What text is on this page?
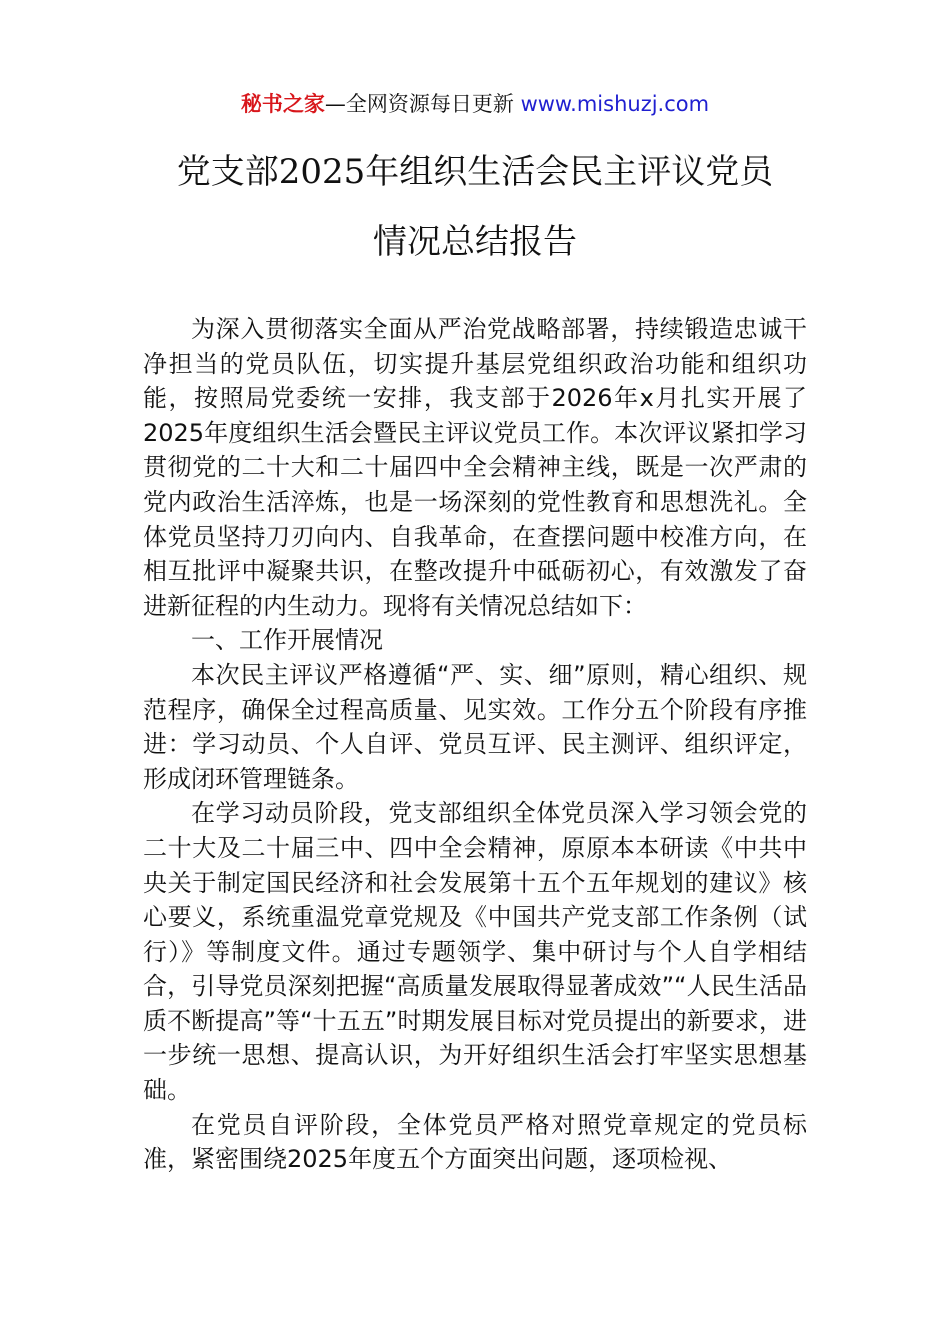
秘书之家—全网资源每日更新 www.mishuzj.com
党支部2025年组织生活会民主评议党员
情况总结报告

为深入贯彻落实全面从严治党战略部署，持续锻造忠诚干净担当的党员队伍，切实提升基层党组织政治功能和组织功能，按照局党委统一安排，我支部于2026年x月扎实开展了2025年度组织生活会暨民主评议党员工作。本次评议紧扣学习贯彻党的二十大和二十届四中全会精神主线，既是一次严肃的党内政治生活淬炼，也是一场深刻的党性教育和思想洗礼。全体党员坚持刀刃向内、自我革命，在查摆问题中校准方向，在相互批评中凝聚共识，在整改提升中砥砺初心，有效激发了奋进新征程的内生动力。现将有关情况总结如下：

一、工作开展情况

本次民主评议严格遵循“严、实、细”原则，精心组织、规范程序，确保全过程高质量、见实效。工作分五个阶段有序推进：学习动员、个人自评、党员互评、民主测评、组织评定，形成闭环管理链条。

在学习动员阶段，党支部组织全体党员深入学习领会党的二十大及二十届三中、四中全会精神，原原本本研读《中共中央关于制定国民经济和社会发展第十五个五年规划的建议》核心要义，系统重温党章党规及《中国共产党支部工作条例（试行）》等制度文件。通过专题领学、集中研讨与个人自学相结合，引导党员深刻把握“高质量发展取得显著成效”“人民生活品质不断提高”等“十五五”时期发展目标对党员提出的新要求，进一步统一思想、提高认识，为开好组织生活会打牢坚实思想基础。

在党员自评阶段，全体党员严格对照党章规定的党员标准，紧密围绕2025年度五个方面突出问题，逐项检视、
